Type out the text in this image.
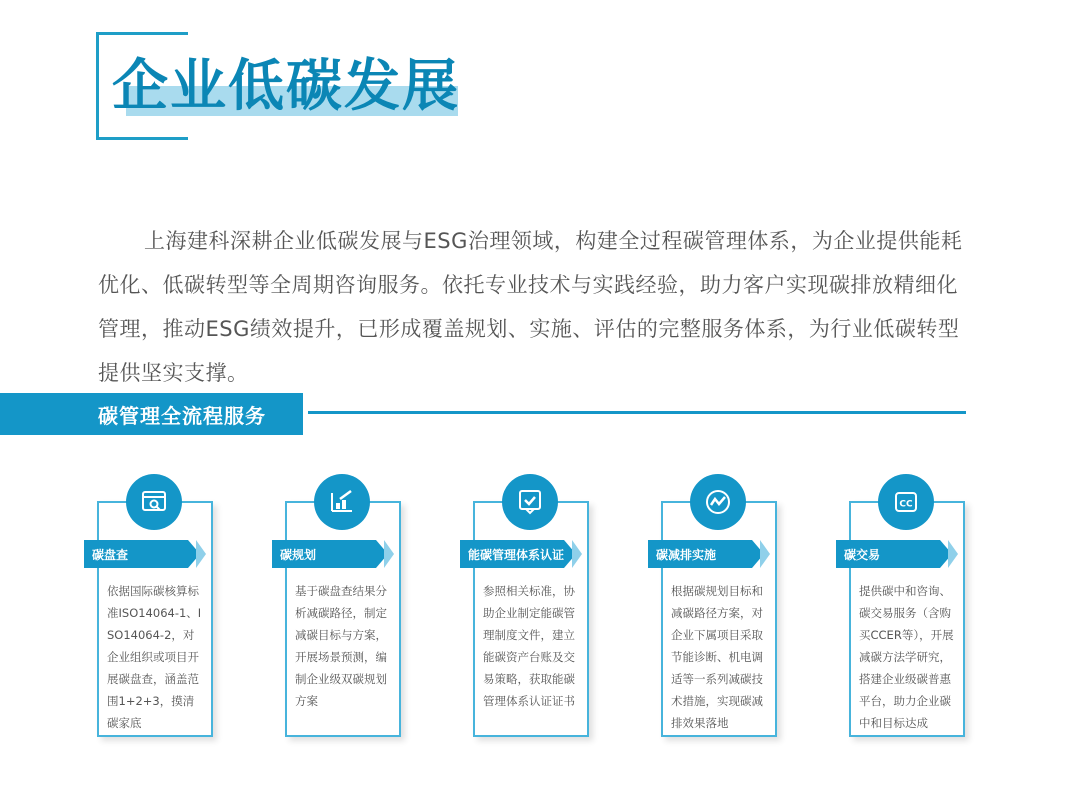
企业低碳发展

上海建科深耕企业低碳发展与ESG治理领域，构建全过程碳管理体系，为企业提供能耗优化、低碳转型等全周期咨询服务。依托专业技术与实践经验，助力客户实现碳排放精细化管理，推动ESG绩效提升，已形成覆盖规划、实施、评估的完整服务体系，为行业低碳转型提供坚实支撑。

碳管理全流程服务
碳盘查
依据国际碳核算标准ISO14064-1、ISO14064-2，对企业组织或项目开展碳盘查，涵盖范围1+2+3，摸清碳家底
碳规划
基于碳盘查结果分析减碳路径，制定减碳目标与方案，开展场景预测，编制企业级双碳规划方案
能碳管理体系认证
参照相关标准，协助企业制定能碳管理制度文件，建立能碳资产台账及交易策略，获取能碳管理体系认证证书
碳减排实施
根据碳规划目标和减碳路径方案，对企业下属项目采取节能诊断、机电调适等一系列减碳技术措施，实现碳减排效果落地
CC
碳交易
提供碳中和咨询、碳交易服务（含购买CCER等），开展减碳方法学研究，搭建企业级碳普惠平台，助力企业碳中和目标达成
